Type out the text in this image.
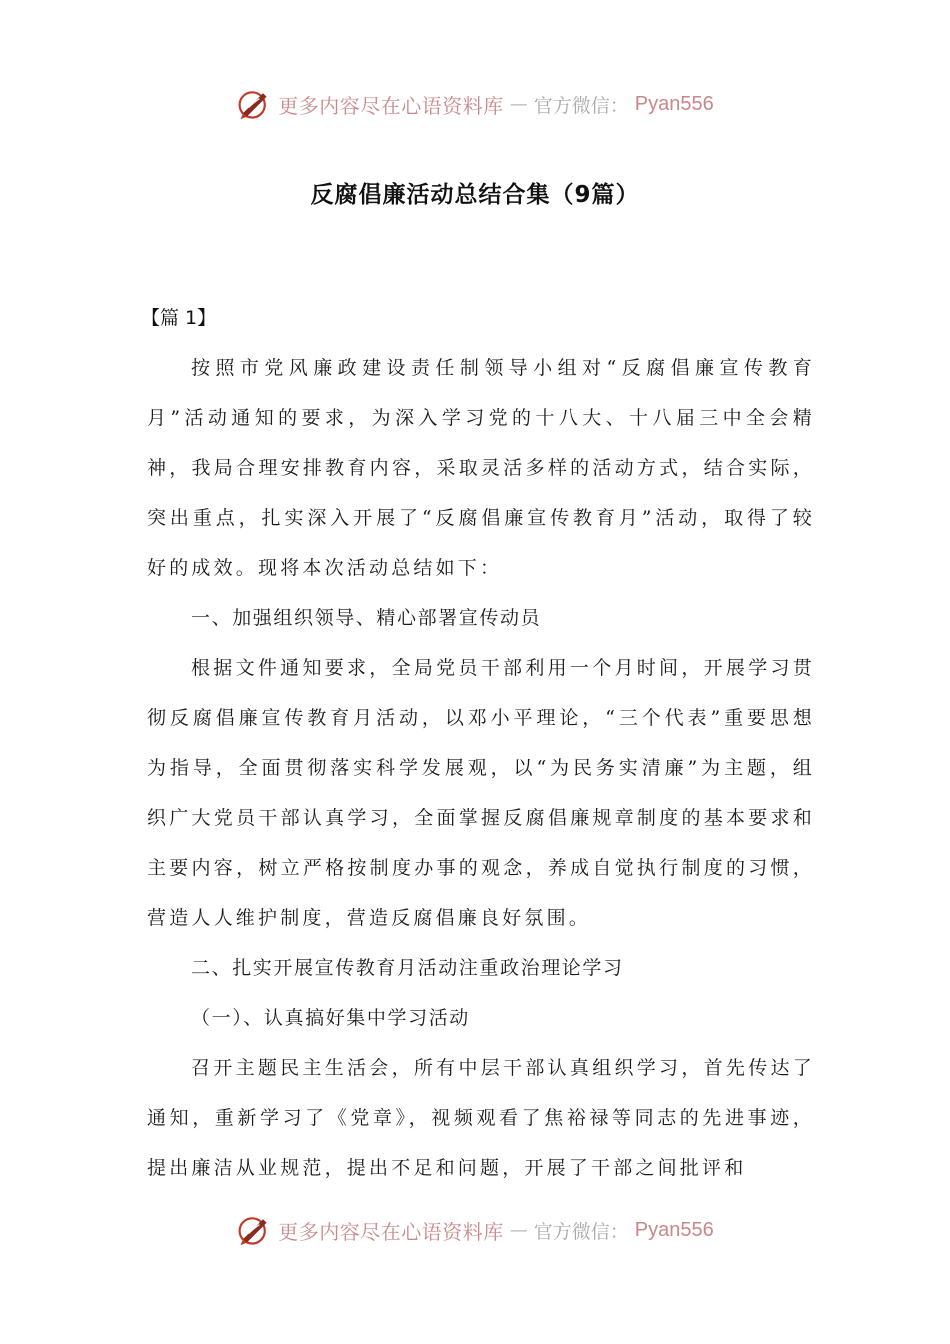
更多内容尽在心语资料库 — 官方微信： Pyan556
反腐倡廉活动总结合集（9篇）
【篇 1】

按照市党风廉政建设责任制领导小组对“反腐倡廉宣传教育月”活动通知的要求，为深入学习党的十八大、十八届三中全会精神，我局合理安排教育内容，采取灵活多样的活动方式，结合实际，突出重点，扎实深入开展了“反腐倡廉宣传教育月”活动，取得了较好的成效。现将本次活动总结如下：

一、加强组织领导、精心部署宣传动员

根据文件通知要求，全局党员干部利用一个月时间，开展学习贯彻反腐倡廉宣传教育月活动，以邓小平理论，“三个代表”重要思想为指导，全面贯彻落实科学发展观，以“为民务实清廉”为主题，组织广大党员干部认真学习，全面掌握反腐倡廉规章制度的基本要求和主要内容，树立严格按制度办事的观念，养成自觉执行制度的习惯，营造人人维护制度，营造反腐倡廉良好氛围。

二、扎实开展宣传教育月活动注重政治理论学习

（一）、认真搞好集中学习活动

召开主题民主生活会，所有中层干部认真组织学习，首先传达了通知，重新学习了《党章》，视频观看了焦裕禄等同志的先进事迹，提出廉洁从业规范，提出不足和问题，开展了干部之间批评和

更多内容尽在心语资料库 — 官方微信： Pyan556
